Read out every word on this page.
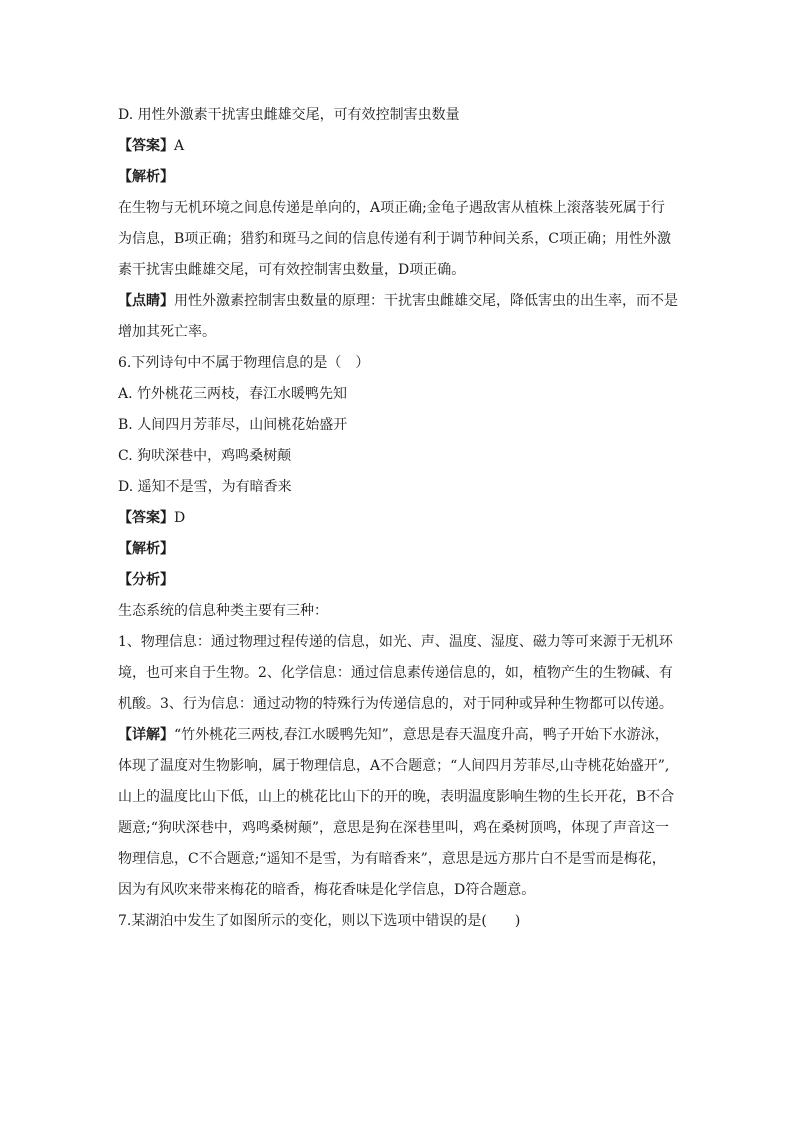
D. 用性外激素干扰害虫雌雄交尾，可有效控制害虫数量
【答案】A
【解析】
在生物与无机环境之间息传递是单向的，A项正确;金龟子遇敌害从植株上滚落装死属于行
为信息，B项正确；猎豹和斑马之间的信息传递有利于调节种间关系，C项正确；用性外激
素干扰害虫雌雄交尾，可有效控制害虫数量，D项正确。
【点睛】用性外激素控制害虫数量的原理：干扰害虫雌雄交尾，降低害虫的出生率，而不是
增加其死亡率。
6.下列诗句中不属于物理信息的是（　）
A. 竹外桃花三两枝，春江水暖鸭先知
B. 人间四月芳菲尽，山间桃花始盛开
C. 狗吠深巷中，鸡鸣桑树颠
D. 遥知不是雪，为有暗香来
【答案】D
【解析】
【分析】
生态系统的信息种类主要有三种：
1、物理信息：通过物理过程传递的信息，如光、声、温度、湿度、磁力等可来源于无机环
境，也可来自于生物。2、化学信息：通过信息素传递信息的，如，植物产生的生物碱、有
机酸。3、行为信息：通过动物的特殊行为传递信息的，对于同种或异种生物都可以传递。
【详解】“竹外桃花三两枝,春江水暖鸭先知”，意思是春天温度升高，鸭子开始下水游泳，
体现了温度对生物影响，属于物理信息，A不合题意；“人间四月芳菲尽,山寺桃花始盛开”,
山上的温度比山下低，山上的桃花比山下的开的晚，表明温度影响生物的生长开花，B不合
题意;“狗吠深巷中，鸡鸣桑树颠”，意思是狗在深巷里叫，鸡在桑树顶鸣，体现了声音这一
物理信息，C不合题意;“遥知不是雪，为有暗香来”，意思是远方那片白不是雪而是梅花，
因为有风吹来带来梅花的暗香，梅花香味是化学信息，D符合题意。
7.某湖泊中发生了如图所示的变化，则以下选项中错误的是(　　)
